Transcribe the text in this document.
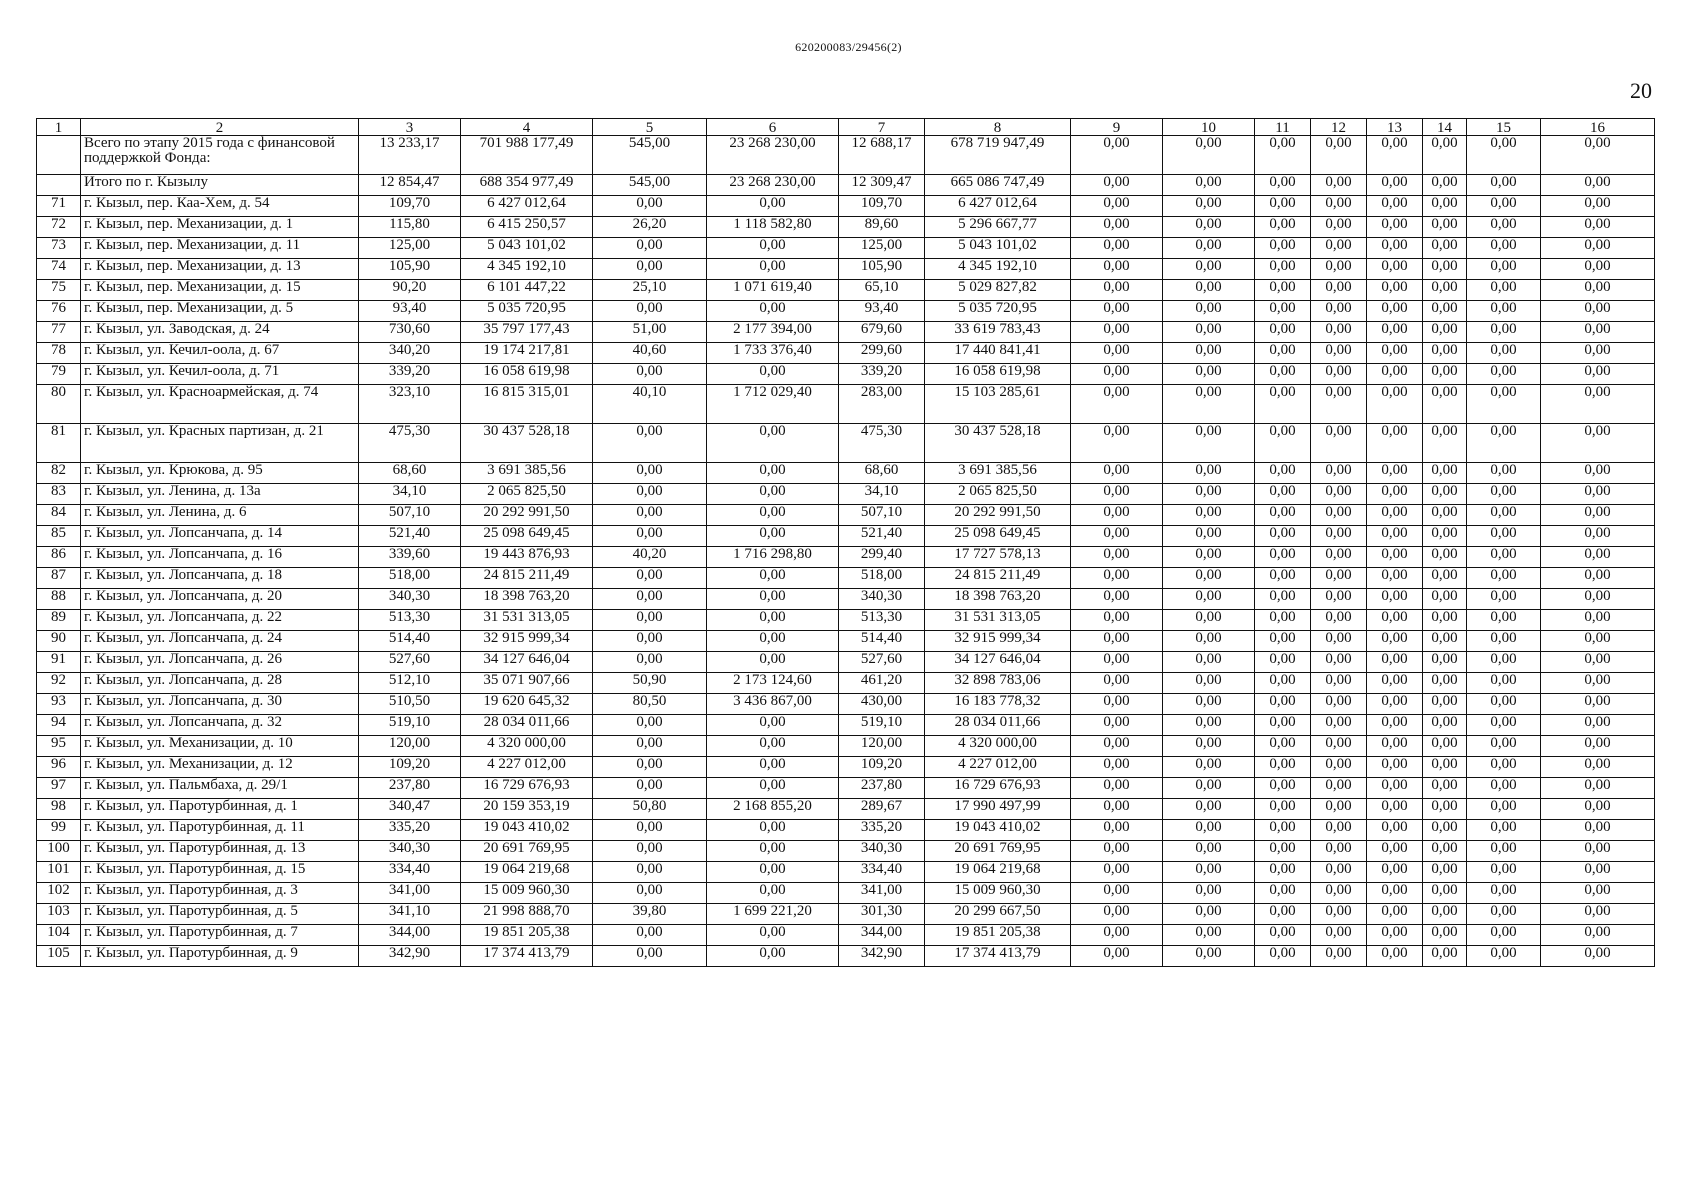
620200083/29456(2)
20
1	2	3	4	5	6	7	8	9	10	11	12	13	14	15	16
	Всего по этапу 2015 года с финансовой поддержкой Фонда:	13 233,17	701 988 177,49	545,00	23 268 230,00	12 688,17	678 719 947,49	0,00	0,00	0,00	0,00	0,00	0,00	0,00	0,00
	Итого по г. Кызылу	12 854,47	688 354 977,49	545,00	23 268 230,00	12 309,47	665 086 747,49	0,00	0,00	0,00	0,00	0,00	0,00	0,00	0,00
71	г. Кызыл, пер. Каа-Хем, д. 54	109,70	6 427 012,64	0,00	0,00	109,70	6 427 012,64	0,00	0,00	0,00	0,00	0,00	0,00	0,00	0,00
72	г. Кызыл, пер. Механизации, д. 1	115,80	6 415 250,57	26,20	1 118 582,80	89,60	5 296 667,77	0,00	0,00	0,00	0,00	0,00	0,00	0,00	0,00
73	г. Кызыл, пер. Механизации, д. 11	125,00	5 043 101,02	0,00	0,00	125,00	5 043 101,02	0,00	0,00	0,00	0,00	0,00	0,00	0,00	0,00
74	г. Кызыл, пер. Механизации, д. 13	105,90	4 345 192,10	0,00	0,00	105,90	4 345 192,10	0,00	0,00	0,00	0,00	0,00	0,00	0,00	0,00
75	г. Кызыл, пер. Механизации, д. 15	90,20	6 101 447,22	25,10	1 071 619,40	65,10	5 029 827,82	0,00	0,00	0,00	0,00	0,00	0,00	0,00	0,00
76	г. Кызыл, пер. Механизации, д. 5	93,40	5 035 720,95	0,00	0,00	93,40	5 035 720,95	0,00	0,00	0,00	0,00	0,00	0,00	0,00	0,00
77	г. Кызыл, ул. Заводская, д. 24	730,60	35 797 177,43	51,00	2 177 394,00	679,60	33 619 783,43	0,00	0,00	0,00	0,00	0,00	0,00	0,00	0,00
78	г. Кызыл, ул. Кечил-оола, д. 67	340,20	19 174 217,81	40,60	1 733 376,40	299,60	17 440 841,41	0,00	0,00	0,00	0,00	0,00	0,00	0,00	0,00
79	г. Кызыл, ул. Кечил-оола, д. 71	339,20	16 058 619,98	0,00	0,00	339,20	16 058 619,98	0,00	0,00	0,00	0,00	0,00	0,00	0,00	0,00
80	г. Кызыл, ул. Красноармейская, д. 74	323,10	16 815 315,01	40,10	1 712 029,40	283,00	15 103 285,61	0,00	0,00	0,00	0,00	0,00	0,00	0,00	0,00
81	г. Кызыл, ул. Красных партизан, д. 21	475,30	30 437 528,18	0,00	0,00	475,30	30 437 528,18	0,00	0,00	0,00	0,00	0,00	0,00	0,00	0,00
82	г. Кызыл, ул. Крюкова, д. 95	68,60	3 691 385,56	0,00	0,00	68,60	3 691 385,56	0,00	0,00	0,00	0,00	0,00	0,00	0,00	0,00
83	г. Кызыл, ул. Ленина, д. 13а	34,10	2 065 825,50	0,00	0,00	34,10	2 065 825,50	0,00	0,00	0,00	0,00	0,00	0,00	0,00	0,00
84	г. Кызыл, ул. Ленина, д. 6	507,10	20 292 991,50	0,00	0,00	507,10	20 292 991,50	0,00	0,00	0,00	0,00	0,00	0,00	0,00	0,00
85	г. Кызыл, ул. Лопсанчапа, д. 14	521,40	25 098 649,45	0,00	0,00	521,40	25 098 649,45	0,00	0,00	0,00	0,00	0,00	0,00	0,00	0,00
86	г. Кызыл, ул. Лопсанчапа, д. 16	339,60	19 443 876,93	40,20	1 716 298,80	299,40	17 727 578,13	0,00	0,00	0,00	0,00	0,00	0,00	0,00	0,00
87	г. Кызыл, ул. Лопсанчапа, д. 18	518,00	24 815 211,49	0,00	0,00	518,00	24 815 211,49	0,00	0,00	0,00	0,00	0,00	0,00	0,00	0,00
88	г. Кызыл, ул. Лопсанчапа, д. 20	340,30	18 398 763,20	0,00	0,00	340,30	18 398 763,20	0,00	0,00	0,00	0,00	0,00	0,00	0,00	0,00
89	г. Кызыл, ул. Лопсанчапа, д. 22	513,30	31 531 313,05	0,00	0,00	513,30	31 531 313,05	0,00	0,00	0,00	0,00	0,00	0,00	0,00	0,00
90	г. Кызыл, ул. Лопсанчапа, д. 24	514,40	32 915 999,34	0,00	0,00	514,40	32 915 999,34	0,00	0,00	0,00	0,00	0,00	0,00	0,00	0,00
91	г. Кызыл, ул. Лопсанчапа, д. 26	527,60	34 127 646,04	0,00	0,00	527,60	34 127 646,04	0,00	0,00	0,00	0,00	0,00	0,00	0,00	0,00
92	г. Кызыл, ул. Лопсанчапа, д. 28	512,10	35 071 907,66	50,90	2 173 124,60	461,20	32 898 783,06	0,00	0,00	0,00	0,00	0,00	0,00	0,00	0,00
93	г. Кызыл, ул. Лопсанчапа, д. 30	510,50	19 620 645,32	80,50	3 436 867,00	430,00	16 183 778,32	0,00	0,00	0,00	0,00	0,00	0,00	0,00	0,00
94	г. Кызыл, ул. Лопсанчапа, д. 32	519,10	28 034 011,66	0,00	0,00	519,10	28 034 011,66	0,00	0,00	0,00	0,00	0,00	0,00	0,00	0,00
95	г. Кызыл, ул. Механизации, д. 10	120,00	4 320 000,00	0,00	0,00	120,00	4 320 000,00	0,00	0,00	0,00	0,00	0,00	0,00	0,00	0,00
96	г. Кызыл, ул. Механизации, д. 12	109,20	4 227 012,00	0,00	0,00	109,20	4 227 012,00	0,00	0,00	0,00	0,00	0,00	0,00	0,00	0,00
97	г. Кызыл, ул. Пальмбаха, д. 29/1	237,80	16 729 676,93	0,00	0,00	237,80	16 729 676,93	0,00	0,00	0,00	0,00	0,00	0,00	0,00	0,00
98	г. Кызыл, ул. Паротурбинная, д. 1	340,47	20 159 353,19	50,80	2 168 855,20	289,67	17 990 497,99	0,00	0,00	0,00	0,00	0,00	0,00	0,00	0,00
99	г. Кызыл, ул. Паротурбинная, д. 11	335,20	19 043 410,02	0,00	0,00	335,20	19 043 410,02	0,00	0,00	0,00	0,00	0,00	0,00	0,00	0,00
100	г. Кызыл, ул. Паротурбинная, д. 13	340,30	20 691 769,95	0,00	0,00	340,30	20 691 769,95	0,00	0,00	0,00	0,00	0,00	0,00	0,00	0,00
101	г. Кызыл, ул. Паротурбинная, д. 15	334,40	19 064 219,68	0,00	0,00	334,40	19 064 219,68	0,00	0,00	0,00	0,00	0,00	0,00	0,00	0,00
102	г. Кызыл, ул. Паротурбинная, д. 3	341,00	15 009 960,30	0,00	0,00	341,00	15 009 960,30	0,00	0,00	0,00	0,00	0,00	0,00	0,00	0,00
103	г. Кызыл, ул. Паротурбинная, д. 5	341,10	21 998 888,70	39,80	1 699 221,20	301,30	20 299 667,50	0,00	0,00	0,00	0,00	0,00	0,00	0,00	0,00
104	г. Кызыл, ул. Паротурбинная, д. 7	344,00	19 851 205,38	0,00	0,00	344,00	19 851 205,38	0,00	0,00	0,00	0,00	0,00	0,00	0,00	0,00
105	г. Кызыл, ул. Паротурбинная, д. 9	342,90	17 374 413,79	0,00	0,00	342,90	17 374 413,79	0,00	0,00	0,00	0,00	0,00	0,00	0,00	0,00
